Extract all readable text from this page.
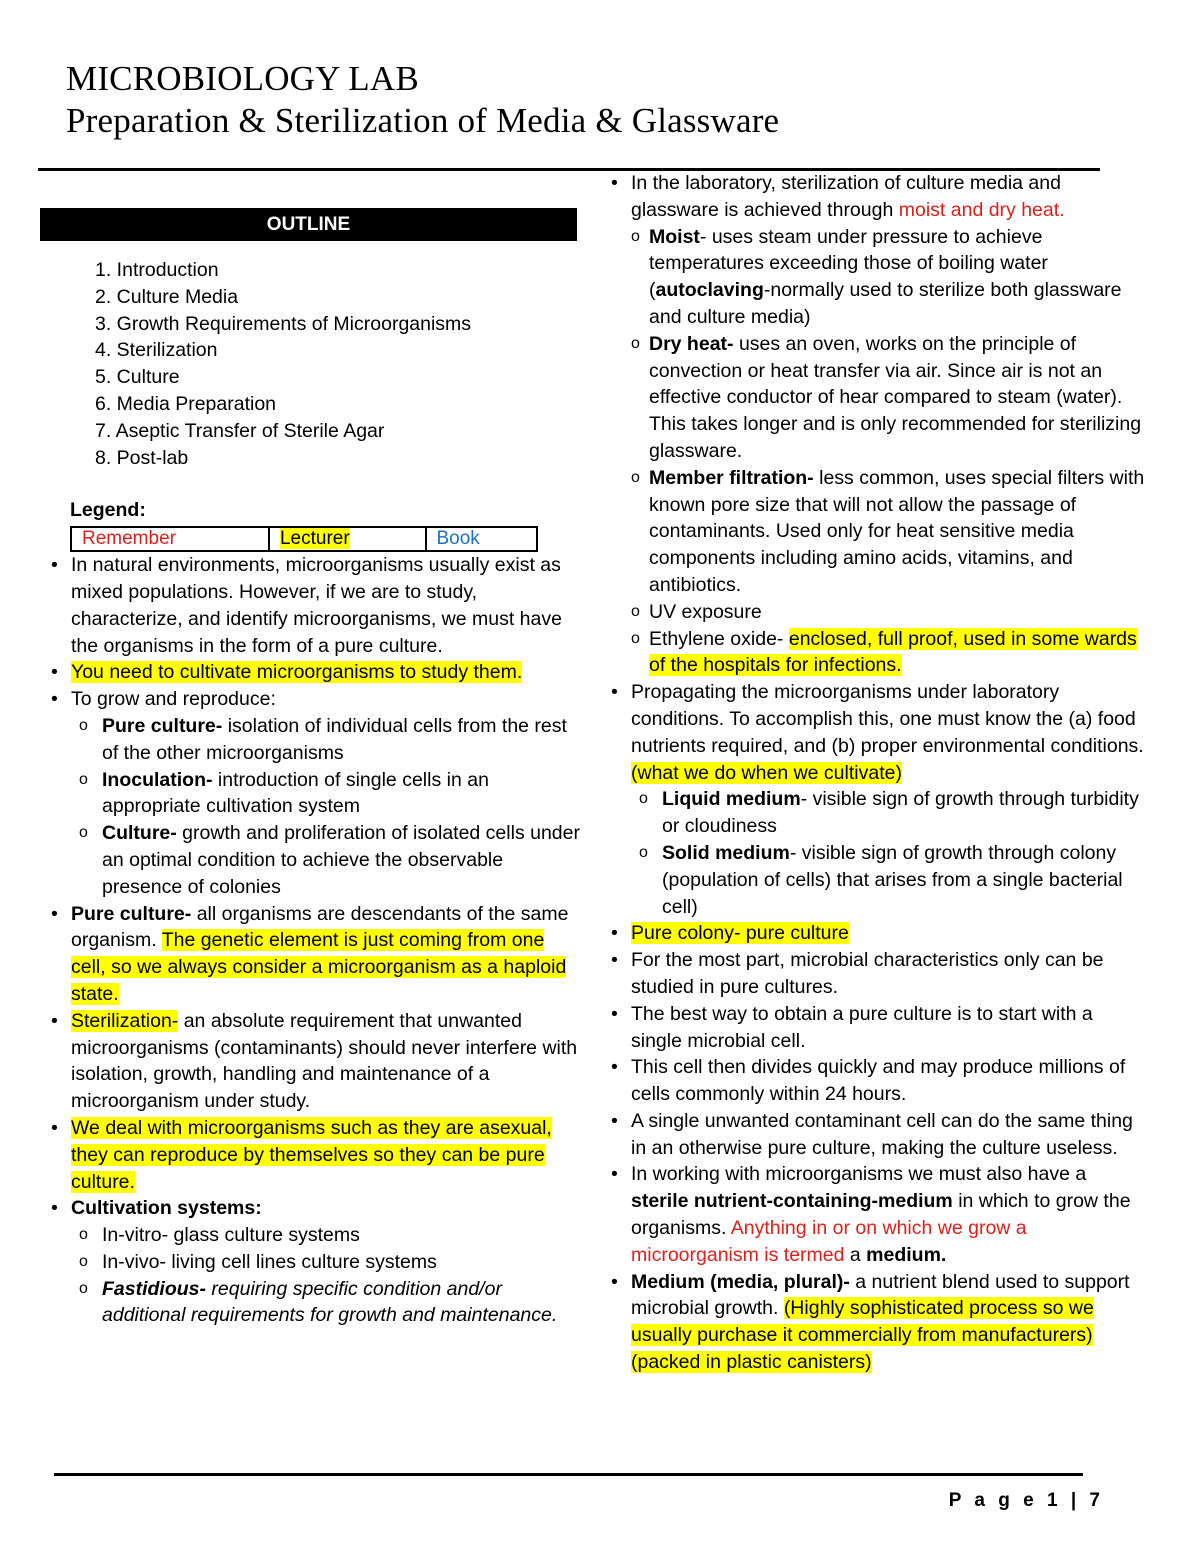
MICROBIOLOGY LAB
Preparation & Sterilization of Media & Glassware
OUTLINE
1. Introduction
2. Culture Media
3. Growth Requirements of Microorganisms
4. Sterilization
5. Culture
6. Media Preparation
7. Aseptic Transfer of Sterile Agar
8. Post-lab
Legend:
Remember	Lecturer	Book
• In natural environments, microorganisms usually exist as mixed populations. However, if we are to study, characterize, and identify microorganisms, we must have the organisms in the form of a pure culture.
• You need to cultivate microorganisms to study them.
• To grow and reproduce:
o Pure culture- isolation of individual cells from the rest of the other microorganisms
o Inoculation- introduction of single cells in an appropriate cultivation system
o Culture- growth and proliferation of isolated cells under an optimal condition to achieve the observable presence of colonies
• Pure culture- all organisms are descendants of the same organism. The genetic element is just coming from one cell, so we always consider a microorganism as a haploid state.
• Sterilization- an absolute requirement that unwanted microorganisms (contaminants) should never interfere with isolation, growth, handling and maintenance of a microorganism under study.
• We deal with microorganisms such as they are asexual, they can reproduce by themselves so they can be pure culture.
• Cultivation systems:
o In-vitro- glass culture systems
o In-vivo- living cell lines culture systems
o Fastidious- requiring specific condition and/or additional requirements for growth and maintenance.
• In the laboratory, sterilization of culture media and glassware is achieved through moist and dry heat.
o Moist- uses steam under pressure to achieve temperatures exceeding those of boiling water (autoclaving-normally used to sterilize both glassware and culture media)
o Dry heat- uses an oven, works on the principle of convection or heat transfer via air. Since air is not an effective conductor of hear compared to steam (water). This takes longer and is only recommended for sterilizing glassware.
o Member filtration- less common, uses special filters with known pore size that will not allow the passage of contaminants. Used only for heat sensitive media components including amino acids, vitamins, and antibiotics.
o UV exposure
o Ethylene oxide- enclosed, full proof, used in some wards of the hospitals for infections.
• Propagating the microorganisms under laboratory conditions. To accomplish this, one must know the (a) food nutrients required, and (b) proper environmental conditions. (what we do when we cultivate)
o Liquid medium- visible sign of growth through turbidity or cloudiness
o Solid medium- visible sign of growth through colony (population of cells) that arises from a single bacterial cell)
• Pure colony- pure culture
• For the most part, microbial characteristics only can be studied in pure cultures.
• The best way to obtain a pure culture is to start with a single microbial cell.
• This cell then divides quickly and may produce millions of cells commonly within 24 hours.
• A single unwanted contaminant cell can do the same thing in an otherwise pure culture, making the culture useless.
• In working with microorganisms we must also have a sterile nutrient-containing-medium in which to grow the organisms. Anything in or on which we grow a microorganism is termed a medium.
• Medium (media, plural)- a nutrient blend used to support microbial growth. (Highly sophisticated process so we usually purchase it commercially from manufacturers) (packed in plastic canisters)
P a g e 1 | 7
